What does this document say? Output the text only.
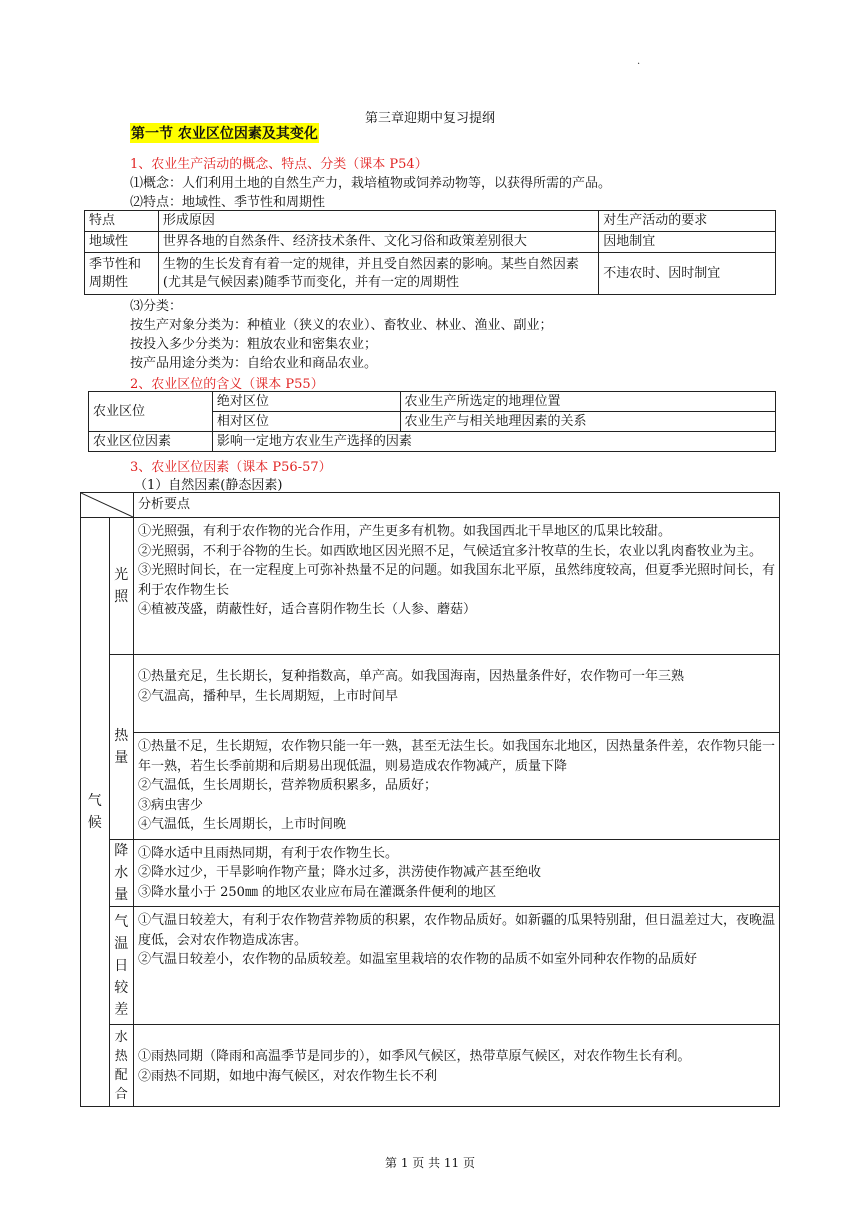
.
第三章迎期中复习提纲
第一节 农业区位因素及其变化
1、农业生产活动的概念、特点、分类（课本 P54）
⑴概念：人们利用土地的自然生产力，栽培植物或饲养动物等，以获得所需的产品。
⑵特点：地域性、季节性和周期性
特点	形成原因	对生产活动的要求
地域性	世界各地的自然条件、经济技术条件、文化习俗和政策差别很大	因地制宜
季节性和周期性	生物的生长发育有着一定的规律，并且受自然因素的影响。某些自然因素(尤其是气候因素)随季节而变化，并有一定的周期性	不违农时、因时制宜
⑶分类：
按生产对象分类为：种植业（狭义的农业）、畜牧业、林业、渔业、副业；
按投入多少分类为：粗放农业和密集农业；
按产品用途分类为：自给农业和商品农业。
2、农业区位的含义（课本 P55）
农业区位	绝对区位	农业生产所选定的地理位置
	相对区位	农业生产与相关地理因素的关系
农业区位因素	影响一定地方农业生产选择的因素	
3、农业区位因素（课本 P56-57）
（1）自然因素(静态因素)
	分析要点
气候	光照	①光照强，有利于农作物的光合作用，产生更多有机物。如我国西北干旱地区的瓜果比较甜。
②光照弱，不利于谷物的生长。如西欧地区因光照不足，气候适宜多汁牧草的生长，农业以乳肉畜牧业为主。
③光照时间长，在一定程度上可弥补热量不足的问题。如我国东北平原，虽然纬度较高，但夏季光照时间长，有利于农作物生长
④植被茂盛，荫蔽性好，适合喜阴作物生长（人参、蘑菇）

	热量	①热量充足，生长期长，复种指数高，单产高。如我国海南，因热量条件好，农作物可一年三熟
②气温高，播种早，生长周期短，上市时间早

		①热量不足，生长期短，农作物只能一年一熟，甚至无法生长。如我国东北地区，因热量条件差，农作物只能一年一熟，若生长季前期和后期易出现低温，则易造成农作物减产，质量下降
②气温低，生长周期长，营养物质积累多，品质好；
③病虫害少
④气温低，生长周期长，上市时间晚

	降水量	①降水适中且雨热同期，有利于农作物生长。
②降水过少，干旱影响作物产量；降水过多，洪涝使作物减产甚至绝收
③降水量小于 250㎜ 的地区农业应布局在灌溉条件便利的地区

	气温日较差	①气温日较差大，有利于农作物营养物质的积累，农作物品质好。如新疆的瓜果特别甜，但日温差过大，夜晚温度低，会对农作物造成冻害。
②气温日较差小，农作物的品质较差。如温室里栽培的农作物的品质不如室外同种农作物的品质好

	水热配合	①雨热同期（降雨和高温季节是同步的），如季风气候区，热带草原气候区，对农作物生长有利。
②雨热不同期，如地中海气候区，对农作物生长不利
第 1 页 共 11 页
